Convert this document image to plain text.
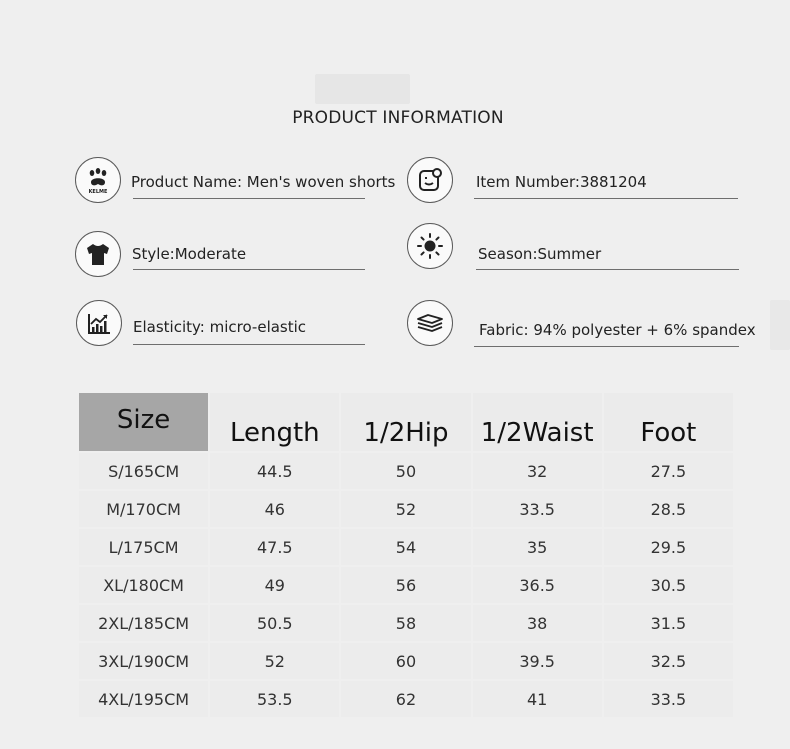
PRODUCT INFORMATION
KELME
Product Name: Men's woven shorts	Item Number:3881204
Style:Moderate	Season:Summer
Elasticity: micro-elastic	Fabric: 94% polyester + 6% spandex
Size	Length	1/2Hip	1/2Waist	Foot
S/165CM	44.5	50	32	27.5
M/170CM	46	52	33.5	28.5
L/175CM	47.5	54	35	29.5
XL/180CM	49	56	36.5	30.5
2XL/185CM	50.5	58	38	31.5
3XL/190CM	52	60	39.5	32.5
4XL/195CM	53.5	62	41	33.5
